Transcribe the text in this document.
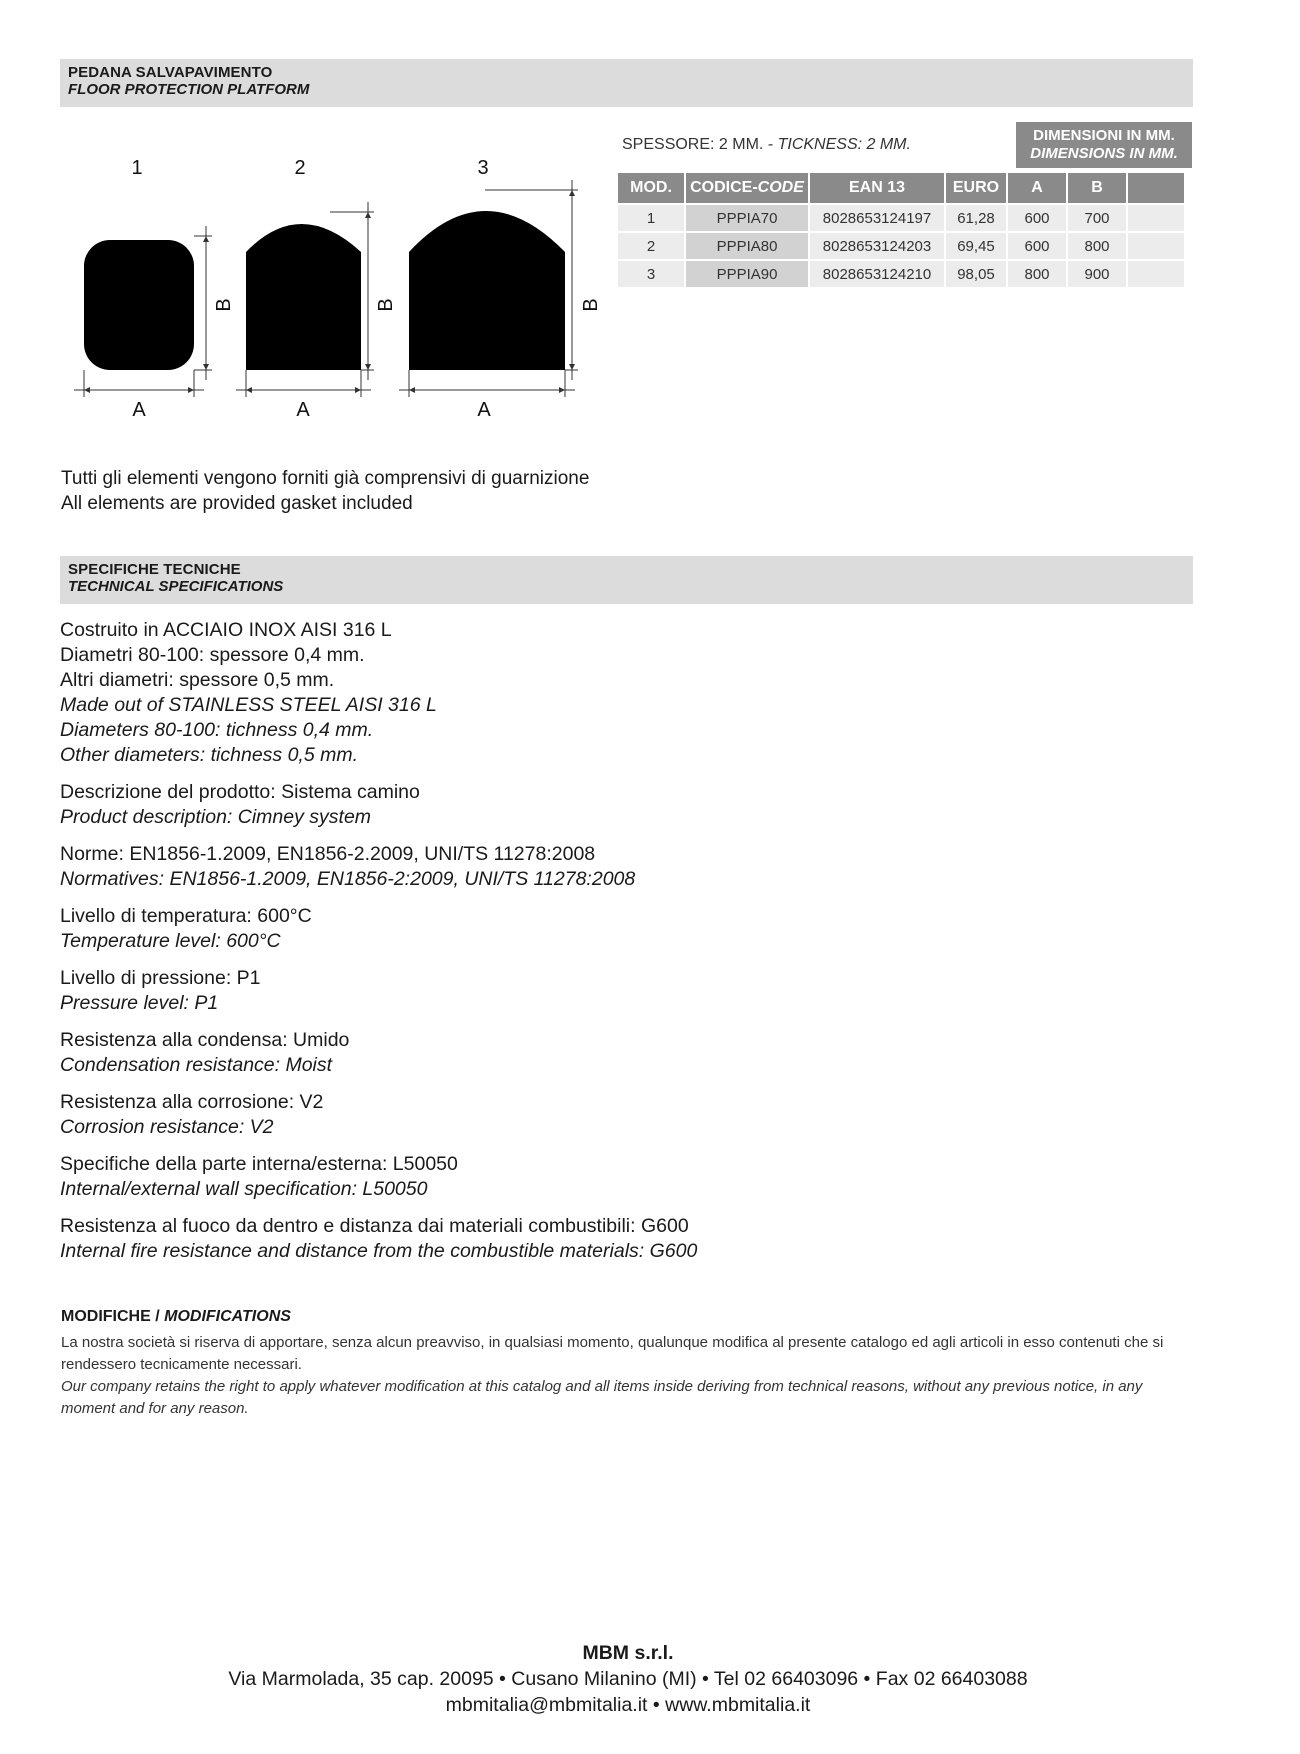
PEDANA SALVAPAVIMENTO
FLOOR PROTECTION PLATFORM
1	2	3
A	A	A
B	B	B
SPESSORE: 2 MM. - TICKNESS: 2 MM.
DIMENSIONI IN MM.
DIMENSIONS IN MM.
MOD.	CODICE-CODE	EAN 13	EURO	A	B	
1	PPPIA70	8028653124197	61,28	600	700	
2	PPPIA80	8028653124203	69,45	600	800	
3	PPPIA90	8028653124210	98,05	800	900	
Tutti gli elementi vengono forniti già comprensivi di guarnizione
All elements are provided gasket included
SPECIFICHE TECNICHE
TECHNICAL SPECIFICATIONS
Costruito in ACCIAIO INOX AISI 316 L
Diametri 80-100: spessore 0,4 mm.
Altri diametri: spessore 0,5 mm.
Made out of STAINLESS STEEL AISI 316 L
Diameters 80-100: tichness 0,4 mm.
Other diameters: tichness 0,5 mm.
Descrizione del prodotto: Sistema camino
Product description: Cimney system
Norme: EN1856-1.2009, EN1856-2.2009, UNI/TS 11278:2008
Normatives: EN1856-1.2009, EN1856-2:2009, UNI/TS 11278:2008
Livello di temperatura: 600°C
Temperature level: 600°C
Livello di pressione: P1
Pressure level: P1
Resistenza alla condensa: Umido
Condensation resistance: Moist
Resistenza alla corrosione: V2
Corrosion resistance: V2
Specifiche della parte interna/esterna: L50050
Internal/external wall specification: L50050
Resistenza al fuoco da dentro e distanza dai materiali combustibili: G600
Internal fire resistance and distance from the combustible materials: G600
MODIFICHE / MODIFICATIONS
La nostra società si riserva di apportare, senza alcun preavviso, in qualsiasi momento, qualunque modifica al presente catalogo ed agli articoli in esso contenuti che si rendessero tecnicamente necessari.
Our company retains the right to apply whatever modification at this catalog and all items inside deriving from technical reasons, without any previous notice, in any moment and for any reason.
MBM s.r.l.
Via Marmolada, 35 cap. 20095 • Cusano Milanino (MI) • Tel 02 66403096 • Fax 02 66403088
mbmitalia@mbmitalia.it • www.mbmitalia.it
